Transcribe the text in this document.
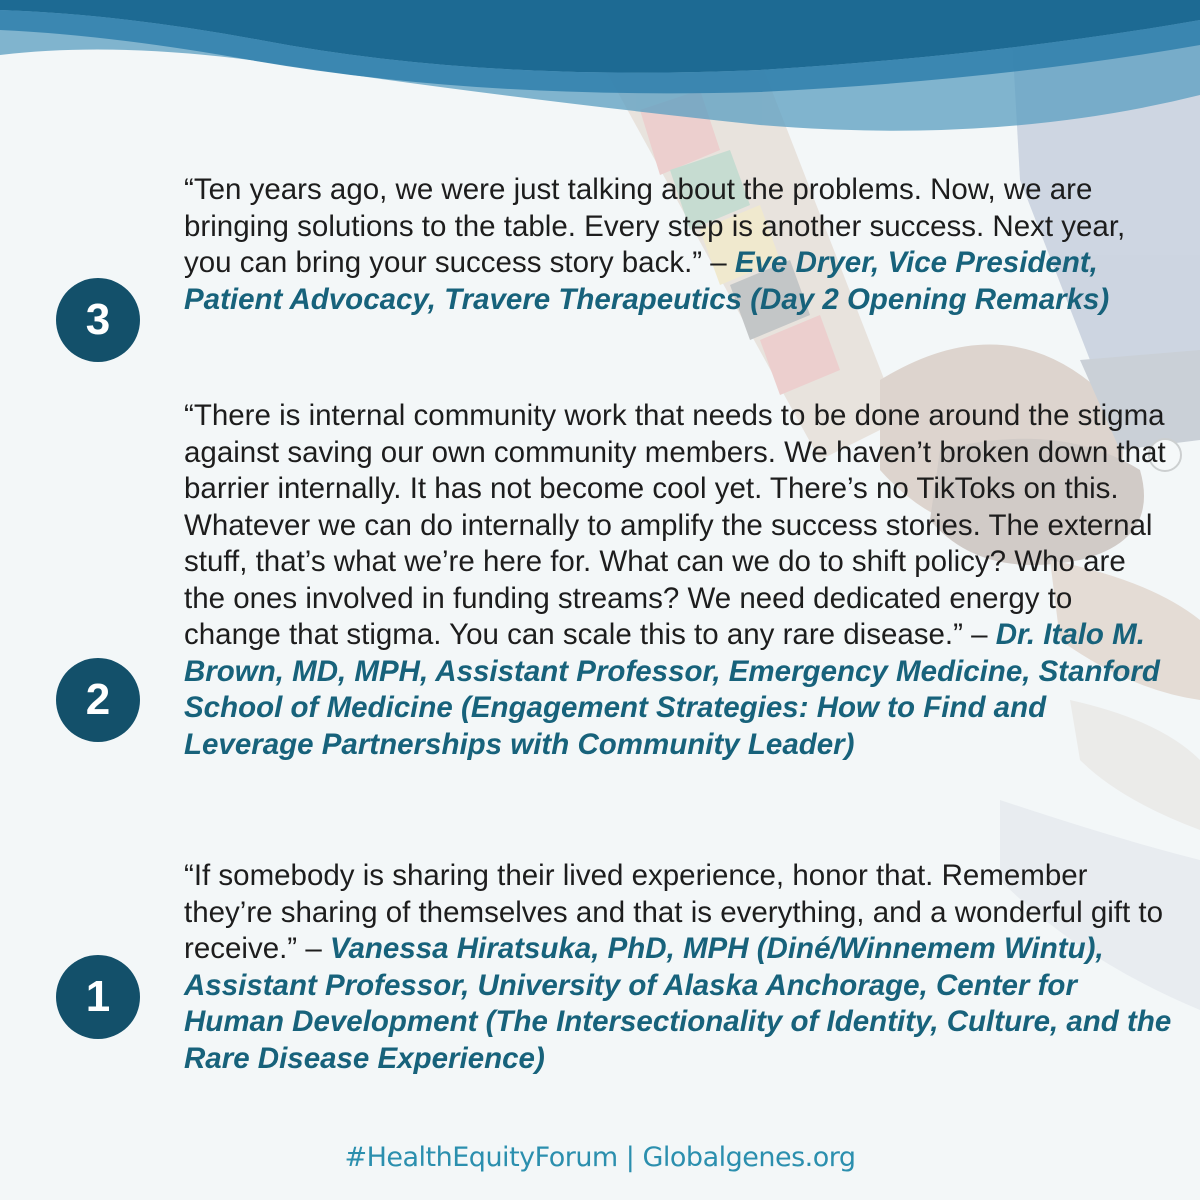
3
“Ten years ago, we were just talking about the problems. Now, we are bringing solutions to the table. Every step is another success. Next year, you can bring your success story back.” – Eve Dryer, Vice President, Patient Advocacy, Travere Therapeutics (Day 2 Opening Remarks)
2
“There is internal community work that needs to be done around the stigma against saving our own community members. We haven’t broken down that barrier internally. It has not become cool yet. There’s no TikToks on this. Whatever we can do internally to amplify the success stories. The external stuff, that’s what we’re here for. What can we do to shift policy? Who are the ones involved in funding streams? We need dedicated energy to change that stigma. You can scale this to any rare disease.” – Dr. Italo M. Brown, MD, MPH, Assistant Professor, Emergency Medicine, Stanford School of Medicine (Engagement Strategies: How to Find and Leverage Partnerships with Community Leader)
1
“If somebody is sharing their lived experience, honor that. Remember they’re sharing of themselves and that is everything, and a wonderful gift to receive.” – Vanessa Hiratsuka, PhD, MPH (Diné/Winnemem Wintu), Assistant Professor, University of Alaska Anchorage, Center for Human Development (The Intersectionality of Identity, Culture, and the Rare Disease Experience)
#HealthEquityForum | Globalgenes.org
